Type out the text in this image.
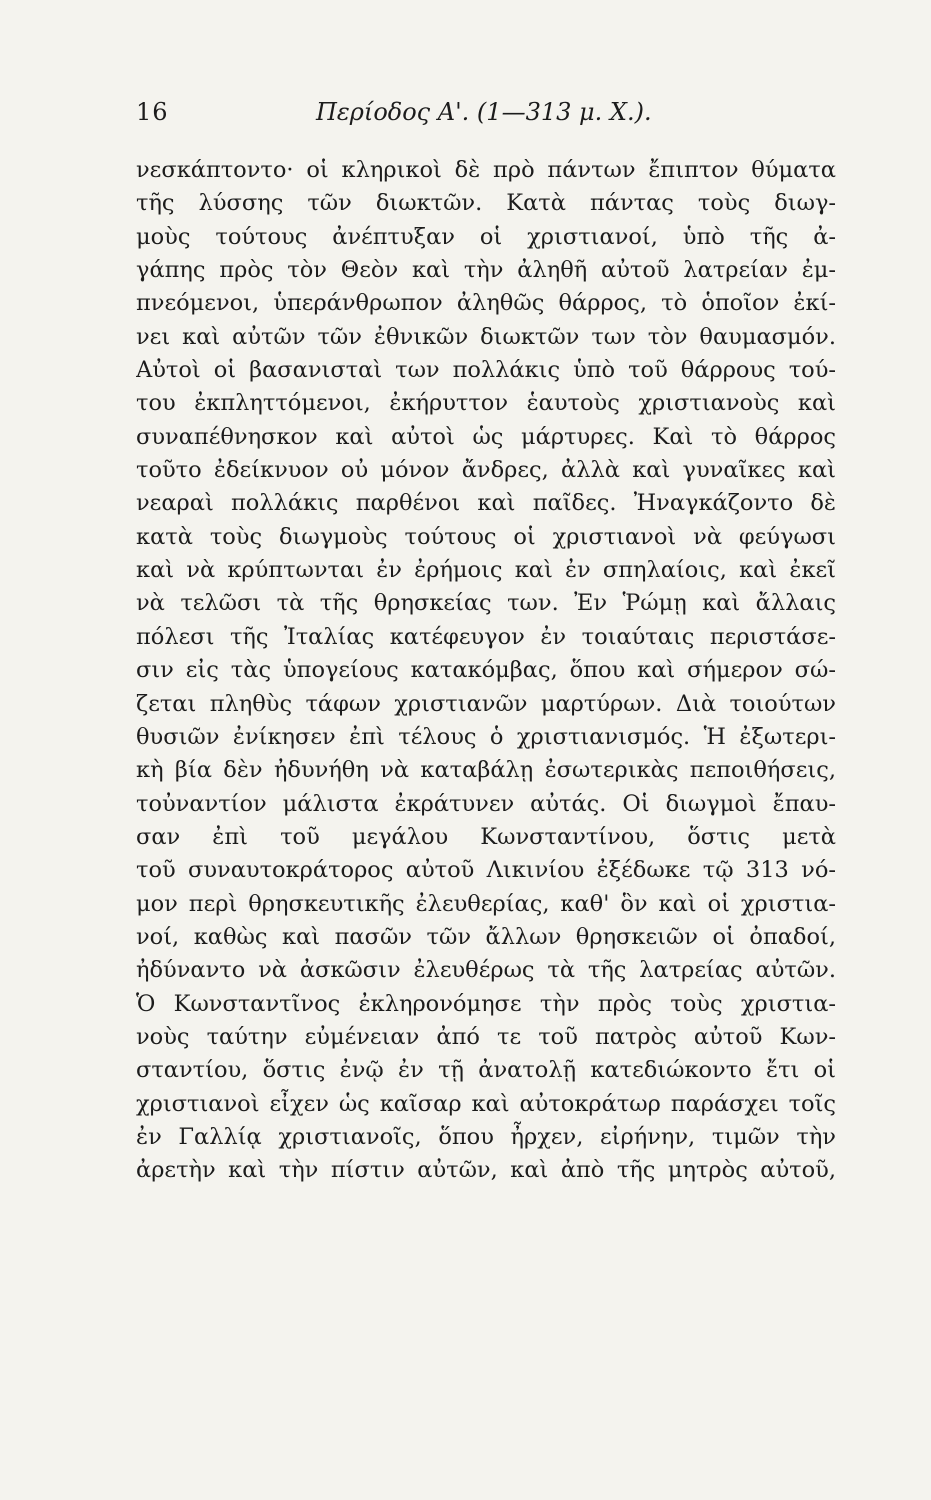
16	Περίοδος Α'. (1—313 μ. Χ.).
νεσκάπτοντο· οἱ κληρικοὶ δὲ πρὸ πάντων ἔπιπτον θύματα
τῆς λύσσης τῶν διωκτῶν. Κατὰ πάντας τοὺς διωγ-
μοὺς τούτους ἀνέπτυξαν οἱ χριστιανοί, ὑπὸ τῆς ἀ-
γάπης πρὸς τὸν Θεὸν καὶ τὴν ἀληθῆ αὐτοῦ λατρείαν ἐμ-
πνεόμενοι, ὑπεράνθρωπον ἀληθῶς θάρρος, τὸ ὁποῖον ἐκί-
νει καὶ αὐτῶν τῶν ἐθνικῶν διωκτῶν των τὸν θαυμασμόν.
Αὐτοὶ οἱ βασανισταὶ των πολλάκις ὑπὸ τοῦ θάρρους τού-
του ἐκπληττόμενοι, ἐκήρυττον ἑαυτοὺς χριστιανοὺς καὶ
συναπέθνησκον καὶ αὐτοὶ ὡς μάρτυρες. Καὶ τὸ θάρρος
τοῦτο ἐδείκνυον οὐ μόνον ἄνδρες, ἀλλὰ καὶ γυναῖκες καὶ
νεαραὶ πολλάκις παρθένοι καὶ παῖδες. Ἠναγκάζοντο δὲ
κατὰ τοὺς διωγμοὺς τούτους οἱ χριστιανοὶ νὰ φεύγωσι
καὶ νὰ κρύπτωνται ἐν ἐρήμοις καὶ ἐν σπηλαίοις, καὶ ἐκεῖ
νὰ τελῶσι τὰ τῆς θρησκείας των. Ἐν Ῥώμῃ καὶ ἄλλαις
πόλεσι τῆς Ἰταλίας κατέφευγον ἐν τοιαύταις περιστάσε-
σιν εἰς τὰς ὑπογείους κατακόμβας, ὅπου καὶ σήμερον σώ-
ζεται πληθὺς τάφων χριστιανῶν μαρτύρων. Διὰ τοιούτων
θυσιῶν ἐνίκησεν ἐπὶ τέλους ὁ χριστιανισμός. Ἡ ἐξωτερι-
κὴ βία δὲν ἠδυνήθη νὰ καταβάλῃ ἐσωτερικὰς πεποιθήσεις,
τοὐναντίον μάλιστα ἐκράτυνεν αὐτάς. Οἱ διωγμοὶ ἔπαυ-
σαν ἐπὶ τοῦ μεγάλου Κωνσταντίνου, ὅστις μετὰ
τοῦ συναυτοκράτορος αὐτοῦ Λικινίου ἐξέδωκε τῷ 313 νό-
μον περὶ θρησκευτικῆς ἐλευθερίας, καθ' ὃν καὶ οἱ χριστια-
νοί, καθὼς καὶ πασῶν τῶν ἄλλων θρησκειῶν οἱ ὀπαδοί,
ἠδύναντο νὰ ἀσκῶσιν ἐλευθέρως τὰ τῆς λατρείας αὐτῶν.
Ὁ Κωνσταντῖνος ἐκληρονόμησε τὴν πρὸς τοὺς χριστια-
νοὺς ταύτην εὐμένειαν ἀπό τε τοῦ πατρὸς αὐτοῦ Κων-
σταντίου, ὅστις ἐνῷ ἐν τῇ ἀνατολῇ κατεδιώκοντο ἔτι οἱ
χριστιανοὶ εἶχεν ὡς καῖσαρ καὶ αὐτοκράτωρ παράσχει τοῖς
ἐν Γαλλίᾳ χριστιανοῖς, ὅπου ἦρχεν, εἰρήνην, τιμῶν τὴν
ἀρετὴν καὶ τὴν πίστιν αὐτῶν, καὶ ἀπὸ τῆς μητρὸς αὐτοῦ,
